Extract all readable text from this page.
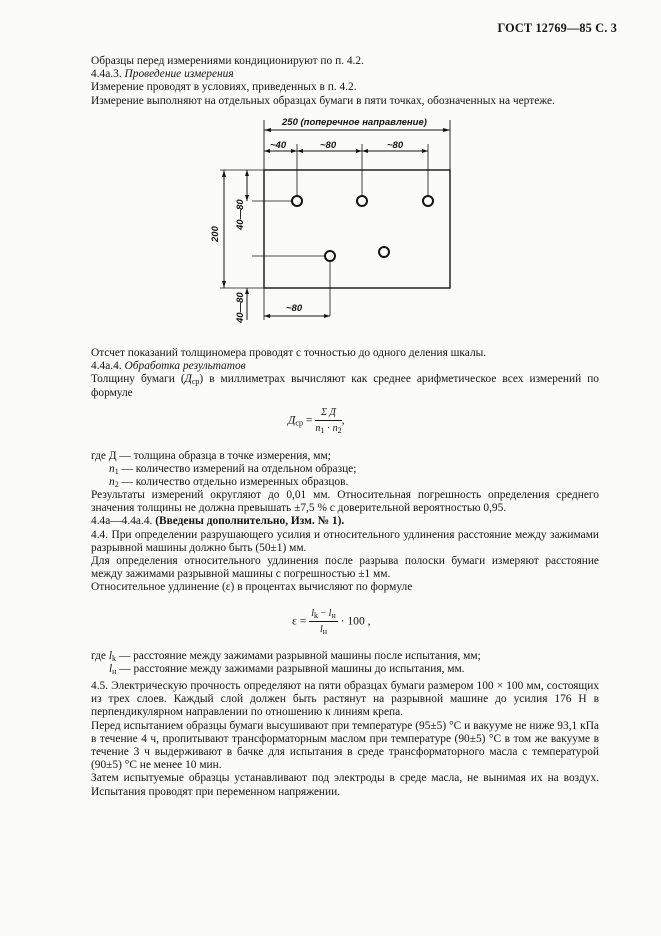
ГОСТ 12769—85 С. 3

Образцы перед измерениями кондиционируют по п. 4.2.

4.4а.3. Проведение измерения

Измерение проводят в условиях, приведенных в п. 4.2.

Измерение выполняют на отдельных образцах бумаги в пяти точках, обозначенных на чертеже.

250 (поперечное направление)
~40	~80	~80
200
40—80
40—80	~80

Отсчет показаний толщиномера проводят с точностью до одного деления шкалы.

4.4а.4. Обработка результатов

Толщину бумаги $(Д_{ср})$ в миллиметрах вычисляют как среднее арифметическое всех измерений по формуле

$Д_{ср} = \frac{\text{Σ Д}}{n_1 \cdot n_2}$ ,
где Д — толщина образца в точке измерения, мм;
$n_1$ — количество измерений на отдельном образце;
$n_2$ — количество отдельно измеренных образцов.

Результаты измерений округляют до 0,01 мм. Относительная погрешность определения среднего значения толщины не должна превышать ±7,5 % с доверительной вероятностью 0,95.

4.4а—4.4а.4. (Введены дополнительно, Изм. № 1).

4.4. При определении разрушающего усилия и относительного удлинения расстояние между зажимами разрывной машины должно быть (50±1) мм.

Для определения относительного удлинения после разрыва полоски бумаги измеряют расстояние между зажимами разрывной машины с погрешностью ±1 мм.

Относительное удлинение (ε) в процентах вычисляют по формуле

$\varepsilon = \frac{l_k - l_н}{l_н} \cdot 100$ ,
где $l_k$ — расстояние между зажимами разрывной машины после испытания, мм;
$l_н$ — расстояние между зажимами разрывной машины до испытания, мм.

4.5. Электрическую прочность определяют на пяти образцах бумаги размером 100 × 100 мм, состоящих из трех слоев. Каждый слой должен быть растянут на разрывной машине до усилия 176 Н в перпендикулярном направлении по отношению к линиям крепа.

Перед испытанием образцы бумаги высушивают при температуре (95±5) °С и вакууме не ниже 93,1 кПа в течение 4 ч, пропитывают трансформаторным маслом при температуре (90±5) °С в том же вакууме в течение 3 ч выдерживают в бачке для испытания в среде трансформаторного масла с температурой (90±5) °С не менее 10 мин.

Затем испытуемые образцы устанавливают под электроды в среде масла, не вынимая их на воздух. Испытания проводят при переменном напряжении.
